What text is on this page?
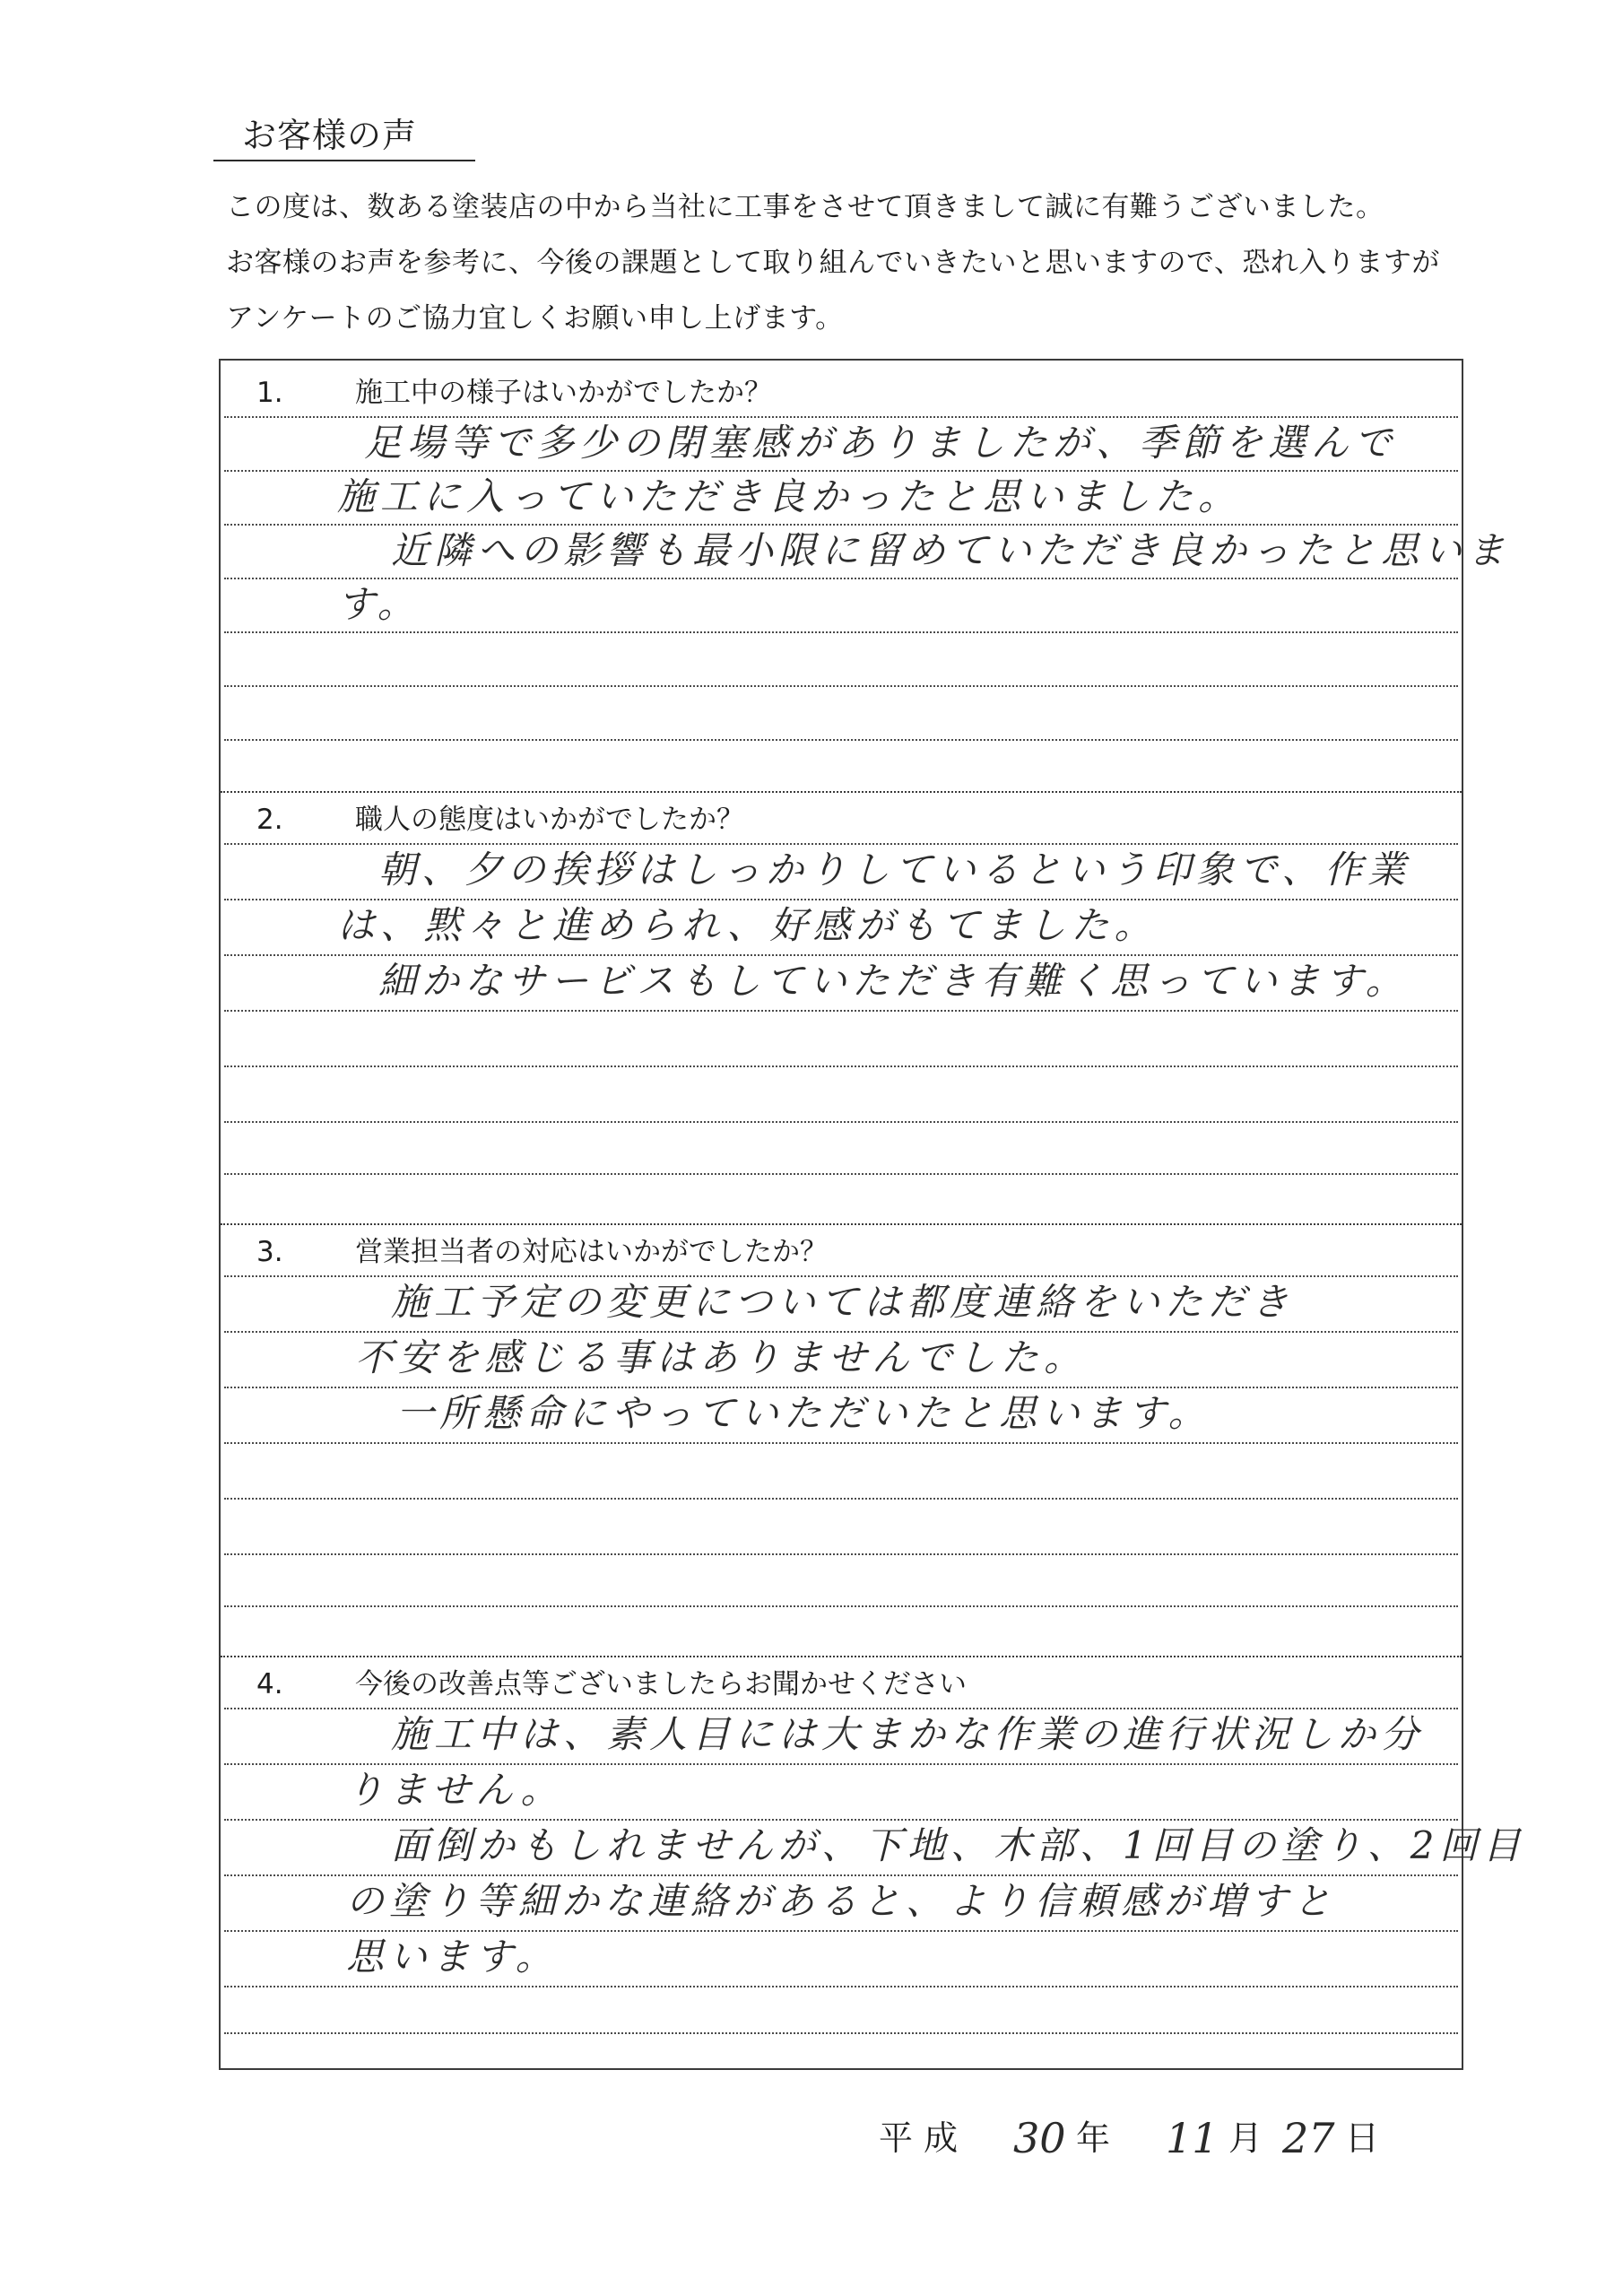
お客様の声
この度は、数ある塗装店の中から当社に工事をさせて頂きまして誠に有難うございました。
お客様のお声を参考に、今後の課題として取り組んでいきたいと思いますので、恐れ入りますが
アンケートのご協力宜しくお願い申し上げます。
1.	施工中の様子はいかがでしたか？
足場等で多少の閉塞感がありましたが、季節を選んで
施工に入っていただき良かったと思いました。
近隣への影響も最小限に留めていただき良かったと思いま
す。
2.	職人の態度はいかがでしたか？
朝、夕の挨拶はしっかりしているという印象で、作業
は、黙々と進められ、好感がもてました。
細かなサービスもしていただき有難く思っています。
3.	営業担当者の対応はいかがでしたか？
施工予定の変更については都度連絡をいただき
不安を感じる事はありませんでした。
一所懸命にやっていただいたと思います。
4.	今後の改善点等ございましたらお聞かせください
施工中は、素人目には大まかな作業の進行状況しか分
りません。
面倒かもしれませんが、下地、木部、1回目の塗り、2回目
の塗り等細かな連絡があると、より信頼感が増すと
思います。
平 成 30 年 11 月 27 日
